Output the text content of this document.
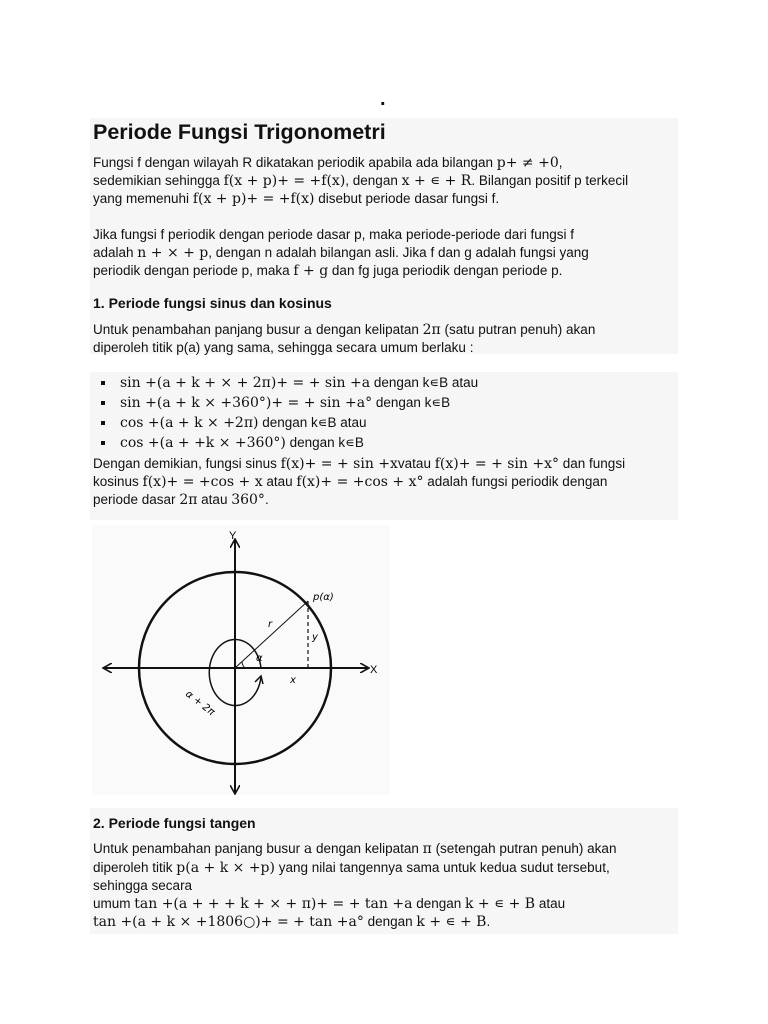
.
Periode Fungsi Trigonometri

Fungsi f dengan wilayah R dikatakan periodik apabila ada bilangan p+ ≠ +0,

sedemikian sehingga f(x + p)+ = +f(x), dengan x + ∊ + R. Bilangan positif p terkecil

yang memenuhi f(x + p)+ = +f(x) disebut periode dasar fungsi f.

Jika fungsi f periodik dengan periode dasar p, maka periode-periode dari fungsi f

adalah n + × + p, dengan n adalah bilangan asli. Jika f dan g adalah fungsi yang

periodik dengan periode p, maka f + g dan fg juga periodik dengan periode p.

1. Periode fungsi sinus dan kosinus

Untuk penambahan panjang busur a dengan kelipatan 2π (satu putran penuh) akan

diperoleh titik p(a) yang sama, sehingga secara umum berlaku :

sin +(a + k + × + 2π)+ = + sin +a dengan k∊B atau
sin +(a + k × +360°)+ = + sin +a° dengan k∊B
cos +(a + k × +2π) dengan k∊B atau
cos +(a + +k × +360°) dengan k∊B

Dengan demikian, fungsi sinus f(x)+ = + sin +xvatau f(x)+ = + sin +x° dan fungsi

kosinus f(x)+ = +cos + x atau f(x)+ = +cos + x° adalah fungsi periodik dengan

periode dasar 2π atau 360°.

Y
X
p(α)
r
y
x
α
α + 2π
2. Periode fungsi tangen

Untuk penambahan panjang busur a dengan kelipatan π (setengah putran penuh) akan

diperoleh titik p(a + k × +p) yang nilai tangennya sama untuk kedua sudut tersebut,

sehingga secara

umum tan +(a + + + k + × + π)+ = + tan +a dengan k + ∊ + B atau

tan +(a + k × +1806○)+ = + tan +a° dengan k + ∊ + B.
